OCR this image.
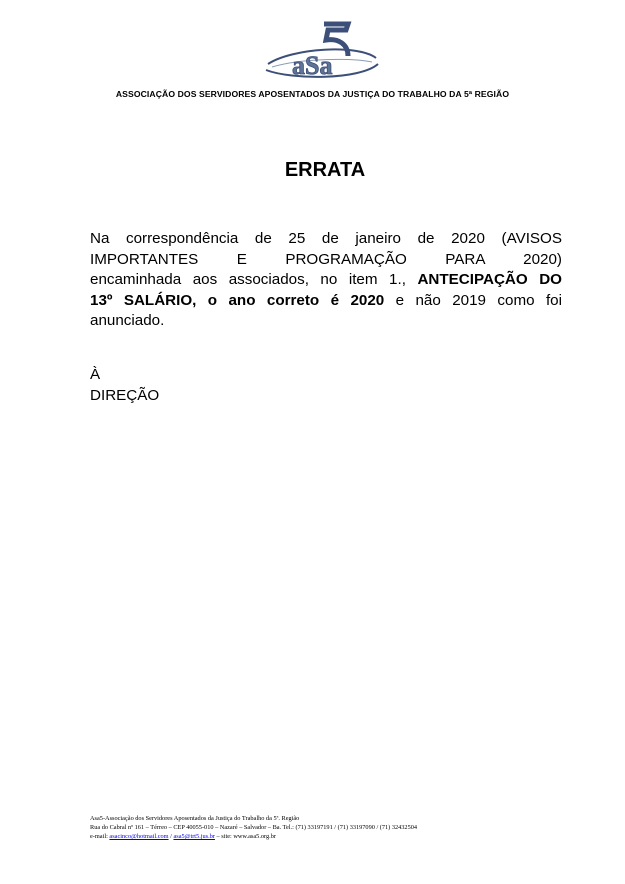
aSa
ASSOCIAÇÃO DOS SERVIDORES APOSENTADOS DA JUSTIÇA DO TRABALHO DA 5ª REGIÃO
ERRATA
Na correspondência de 25 de janeiro de 2020 (AVISOS
IMPORTANTES E PROGRAMAÇÃO PARA 2020)
encaminhada aos associados, no item 1., ANTECIPAÇÃO DO
13º SALÁRIO, o ano correto é 2020 e não 2019 como foi
anunciado.
À
DIREÇÃO
Asa5-Associação dos Servidores Aposentados da Justiça do Trabalho da 5ª. Região
Rua do Cabral nº 161 – Térreo – CEP 40055-010 – Nazaré – Salvador – Ba. Tel.: (71) 33197191 / (71) 33197090 / (71) 32432504
e-mail: asacinco@hotmail.com / asa5@trt5.jus.br – site: www.asa5.org.br
